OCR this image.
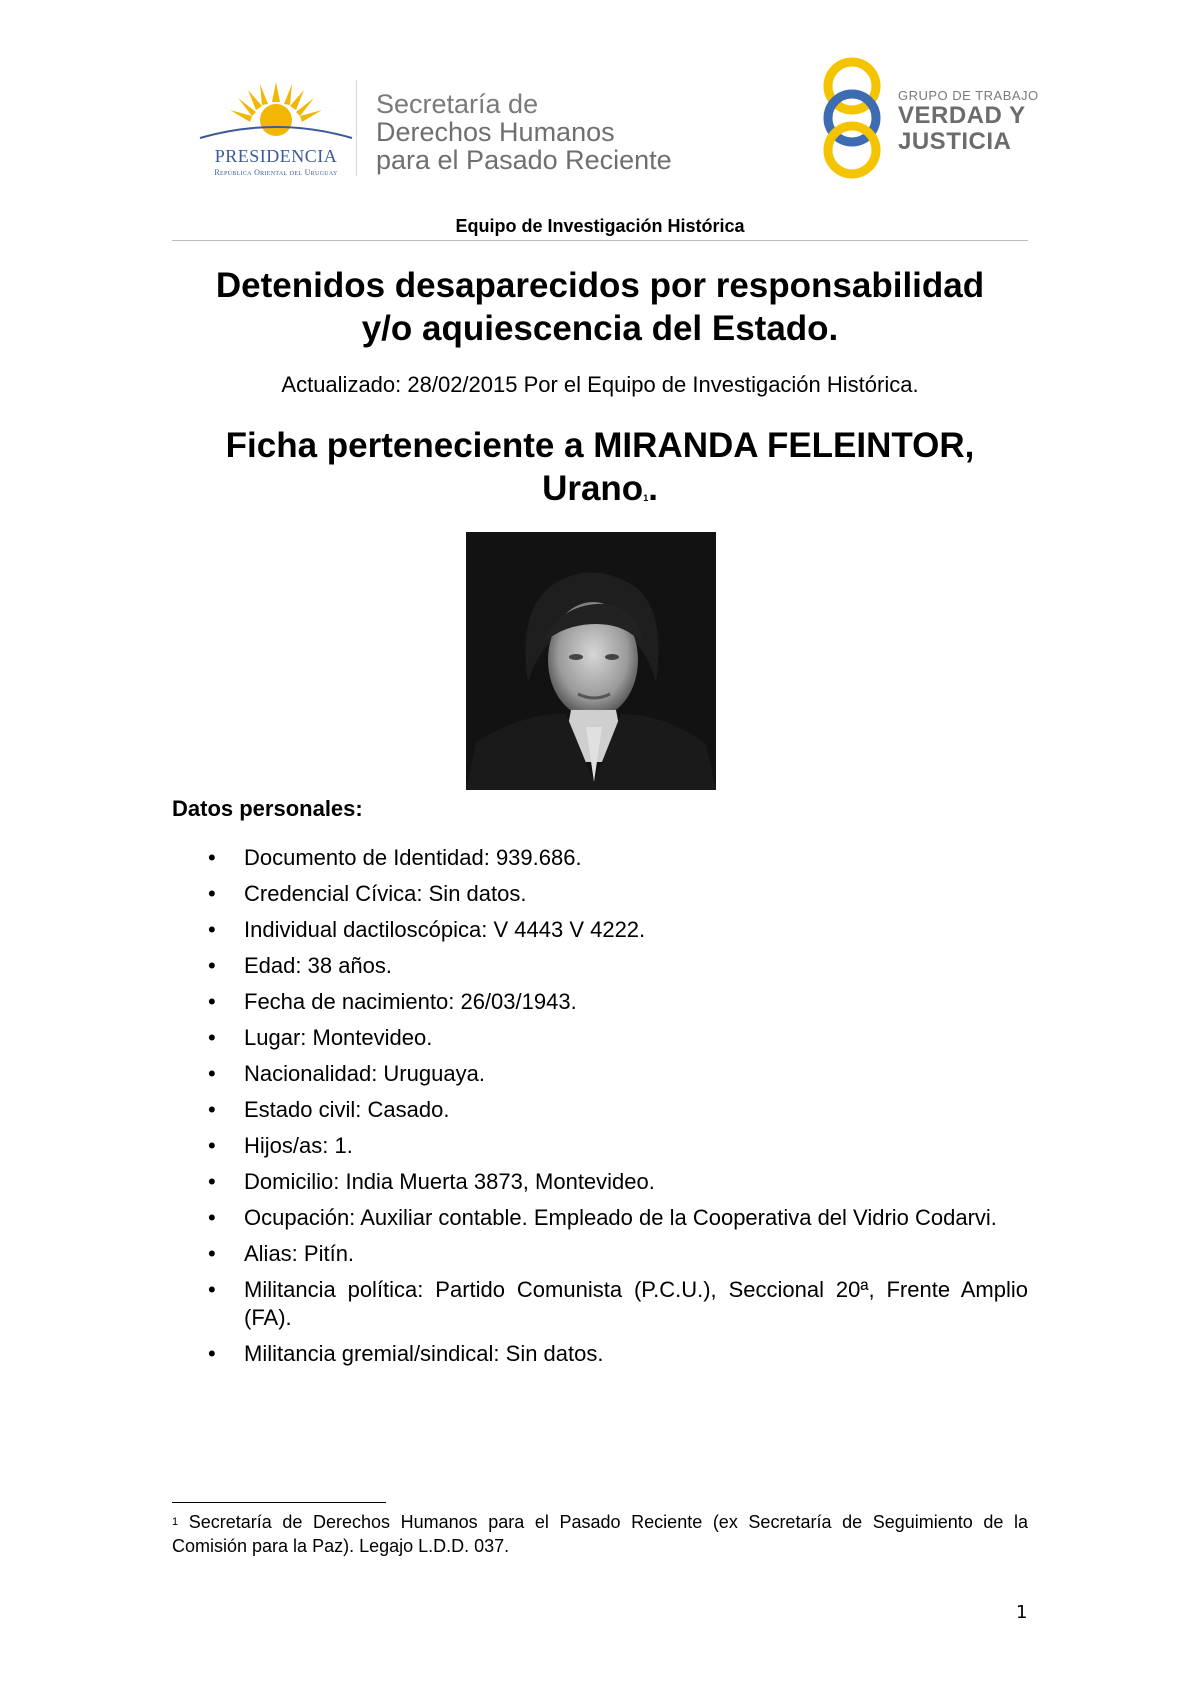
PRESIDENCIA
República Oriental del Uruguay
Secretaría de
Derechos Humanos
para el Pasado Reciente
GRUPO DE TRABAJO
VERDAD Y
JUSTICIA
Equipo de Investigación Histórica
Detenidos desaparecidos por responsabilidad
y/o aquiescencia del Estado.
Actualizado: 28/02/2015 Por el Equipo de Investigación Histórica.
Ficha perteneciente a MIRANDA FELEINTOR,
Urano$^1$.
Datos personales:
• Documento de Identidad: 939.686.
• Credencial Cívica: Sin datos.
• Individual dactiloscópica: V 4443 V 4222.
• Edad: 38 años.
• Fecha de nacimiento: 26/03/1943.
• Lugar: Montevideo.
• Nacionalidad: Uruguaya.
• Estado civil: Casado.
• Hijos/as: 1.
• Domicilio: India Muerta 3873, Montevideo.
• Ocupación: Auxiliar contable. Empleado de la Cooperativa del Vidrio Codarvi.
• Alias: Pitín.
• Militancia política: Partido Comunista (P.C.U.), Seccional 20ª, Frente Amplio (FA).
• Militancia gremial/sindical: Sin datos.
$^1$ Secretaría de Derechos Humanos para el Pasado Reciente (ex Secretaría de Seguimiento de la Comisión para la Paz). Legajo L.D.D. 037.
1
